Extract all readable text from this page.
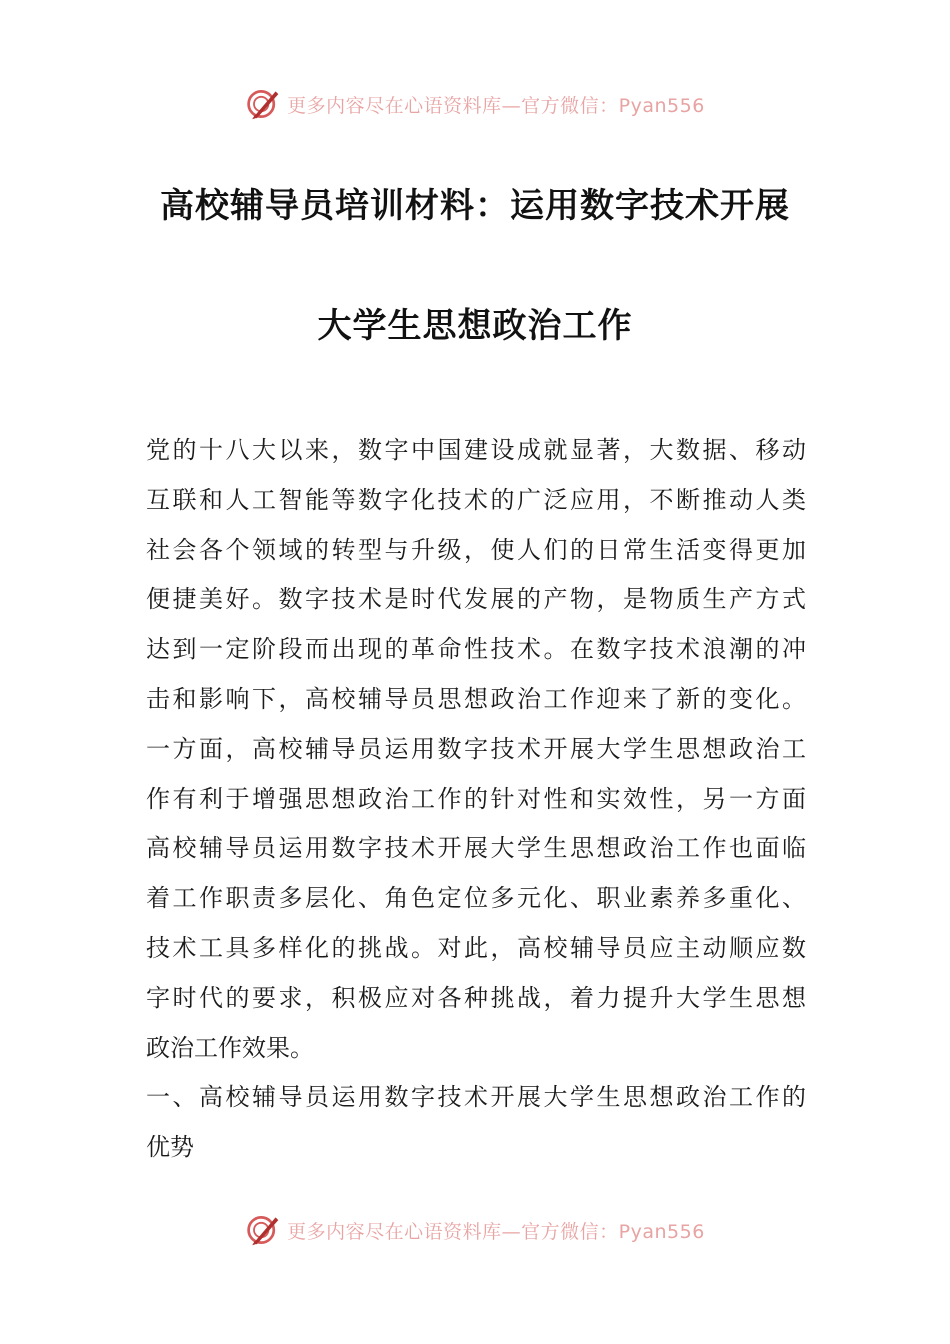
更多内容尽在心语资料库—官方微信：Pyan556
高校辅导员培训材料：运用数字技术开展
大学生思想政治工作
党的十八大以来，数字中国建设成就显著，大数据、移动
互联和人工智能等数字化技术的广泛应用，不断推动人类
社会各个领域的转型与升级，使人们的日常生活变得更加
便捷美好。数字技术是时代发展的产物，是物质生产方式
达到一定阶段而出现的革命性技术。在数字技术浪潮的冲
击和影响下，高校辅导员思想政治工作迎来了新的变化。
一方面，高校辅导员运用数字技术开展大学生思想政治工
作有利于增强思想政治工作的针对性和实效性，另一方面
高校辅导员运用数字技术开展大学生思想政治工作也面临
着工作职责多层化、角色定位多元化、职业素养多重化、
技术工具多样化的挑战。对此，高校辅导员应主动顺应数
字时代的要求，积极应对各种挑战，着力提升大学生思想
政治工作效果。
一、高校辅导员运用数字技术开展大学生思想政治工作的
优势
更多内容尽在心语资料库—官方微信：Pyan556
